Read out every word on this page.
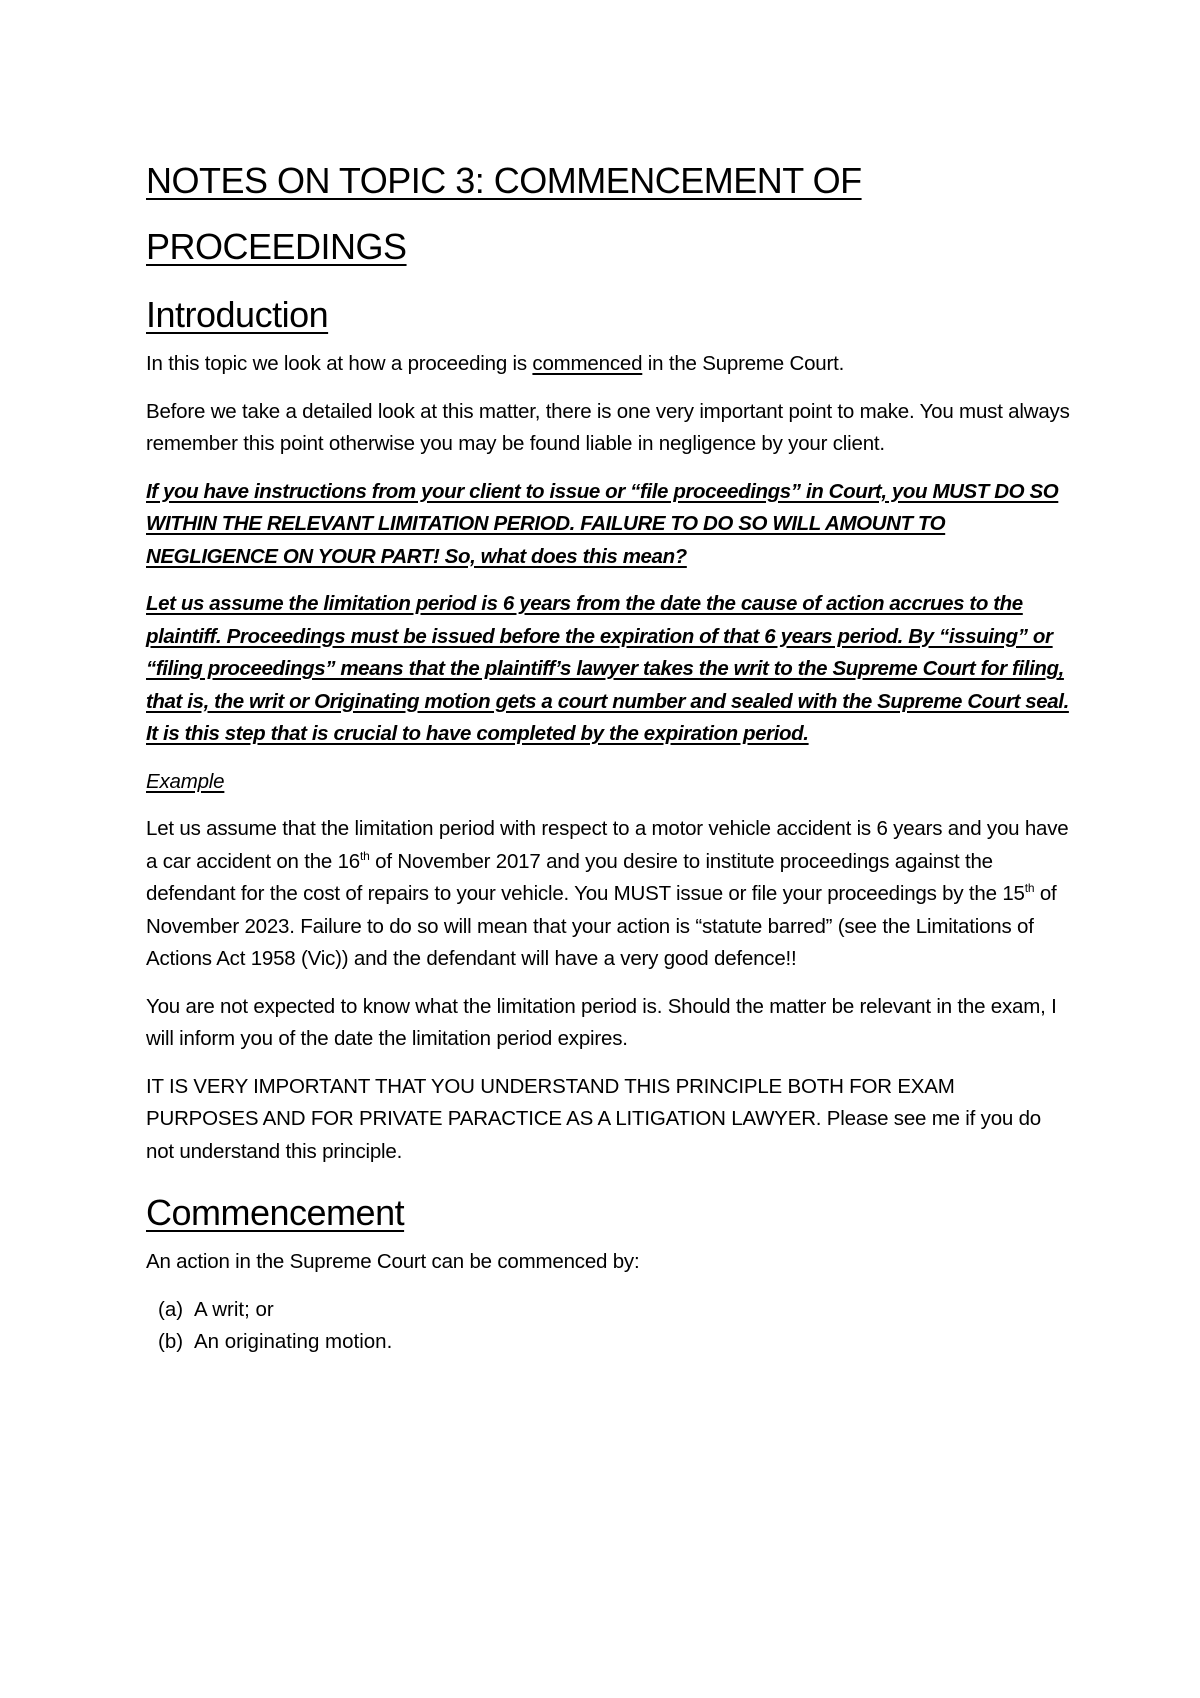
NOTES ON TOPIC 3: COMMENCEMENT OF
PROCEEDINGS
Introduction

In this topic we look at how a proceeding is commenced in the Supreme Court.

Before we take a detailed look at this matter, there is one very important point to make. You must always remember this point otherwise you may be found liable in negligence by your client.

If you have instructions from your client to issue or “file proceedings” in Court, you MUST DO SO WITHIN THE RELEVANT LIMITATION PERIOD. FAILURE TO DO SO WILL AMOUNT TO NEGLIGENCE ON YOUR PART! So, what does this mean?

Let us assume the limitation period is 6 years from the date the cause of action accrues to the plaintiff. Proceedings must be issued before the expiration of that 6 years period. By “issuing” or “filing proceedings” means that the plaintiff’s lawyer takes the writ to the Supreme Court for filing, that is, the writ or Originating motion gets a court number and sealed with the Supreme Court seal. It is this step that is crucial to have completed by the expiration period.

Example

Let us assume that the limitation period with respect to a motor vehicle accident is 6 years and you have a car accident on the 16th of November 2017 and you desire to institute proceedings against the defendant for the cost of repairs to your vehicle. You MUST issue or file your proceedings by the 15th of November 2023. Failure to do so will mean that your action is “statute barred” (see the Limitations of Actions Act 1958 (Vic)) and the defendant will have a very good defence!!

You are not expected to know what the limitation period is. Should the matter be relevant in the exam, I will inform you of the date the limitation period expires.

IT IS VERY IMPORTANT THAT YOU UNDERSTAND THIS PRINCIPLE BOTH FOR EXAM PURPOSES AND FOR PRIVATE PARACTICE AS A LITIGATION LAWYER. Please see me if you do not understand this principle.

Commencement

An action in the Supreme Court can be commenced by:

(a) A writ; or
(b) An originating motion.
